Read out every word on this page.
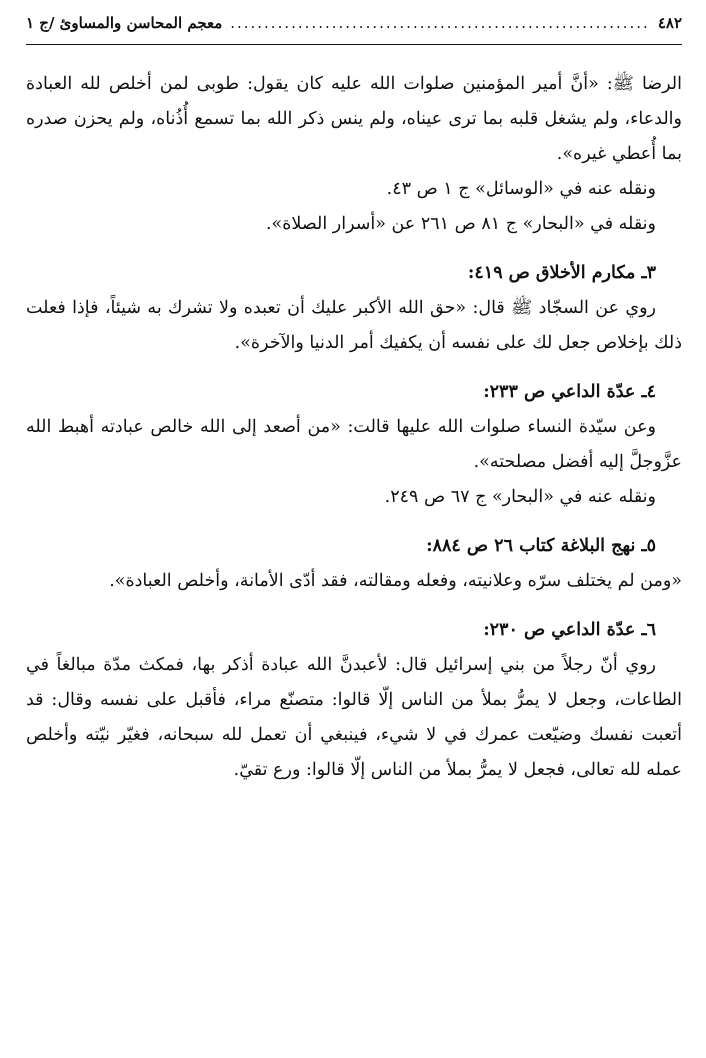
٤٨٢
.....
معجم المحاسن والمساوئ /ج ١

الرضا ﷺ: «أنَّ أمير المؤمنين صلوات الله عليه كان يقول: طوبى لمن أخلص لله العبادة والدعاء، ولم يشغل قلبه بما ترى عيناه، ولم ينس ذكر الله بما تسمع أُذُناه، ولم يحزن صدره بما أُعطي غيره».

ونقله عنه في «الوسائل» ج ١ ص ٤٣.

ونقله في «البحار» ج ٨١ ص ٢٦١ عن «أسرار الصلاة».

٣ـ مكارم الأخلاق ص ٤١٩:

روي عن السجّاد ﷺ قال: «حق الله الأكبر عليك أن تعبده ولا تشرك به شيئاً، فإذا فعلت ذلك بإخلاص جعل لك على نفسه أن يكفيك أمر الدنيا والآخرة».

٤ـ عدّة الداعي ص ٢٣٣:

وعن سيّدة النساء صلوات الله عليها قالت: «من أصعد إلى الله خالص عبادته أهبط الله عزَّوجلَّ إليه أفضل مصلحته».

ونقله عنه في «البحار» ج ٦٧ ص ٢٤٩.

٥ـ نهج البلاغة كتاب ٢٦ ص ٨٨٤:

«ومن لم يختلف سرّه وعلانيته، وفعله ومقالته، فقد أدّى الأمانة، وأخلص العبادة».

٦ـ عدّة الداعي ص ٢٣٠:

روي أنّ رجلاً من بني إسرائيل قال: لأعبدنَّ الله عبادة أذكر بها، فمكث مدّة مبالغاً في الطاعات، وجعل لا يمرُّ بملأ من الناس إلّا قالوا: متصنّع مراء، فأقبل على نفسه وقال: قد أتعبت نفسك وضيّعت عمرك في لا شيء، فينبغي أن تعمل لله سبحانه، فغيّر نيّته وأخلص عمله لله تعالى، فجعل لا يمرُّ بملأ من الناس إلّا قالوا: ورع تقيّ.
